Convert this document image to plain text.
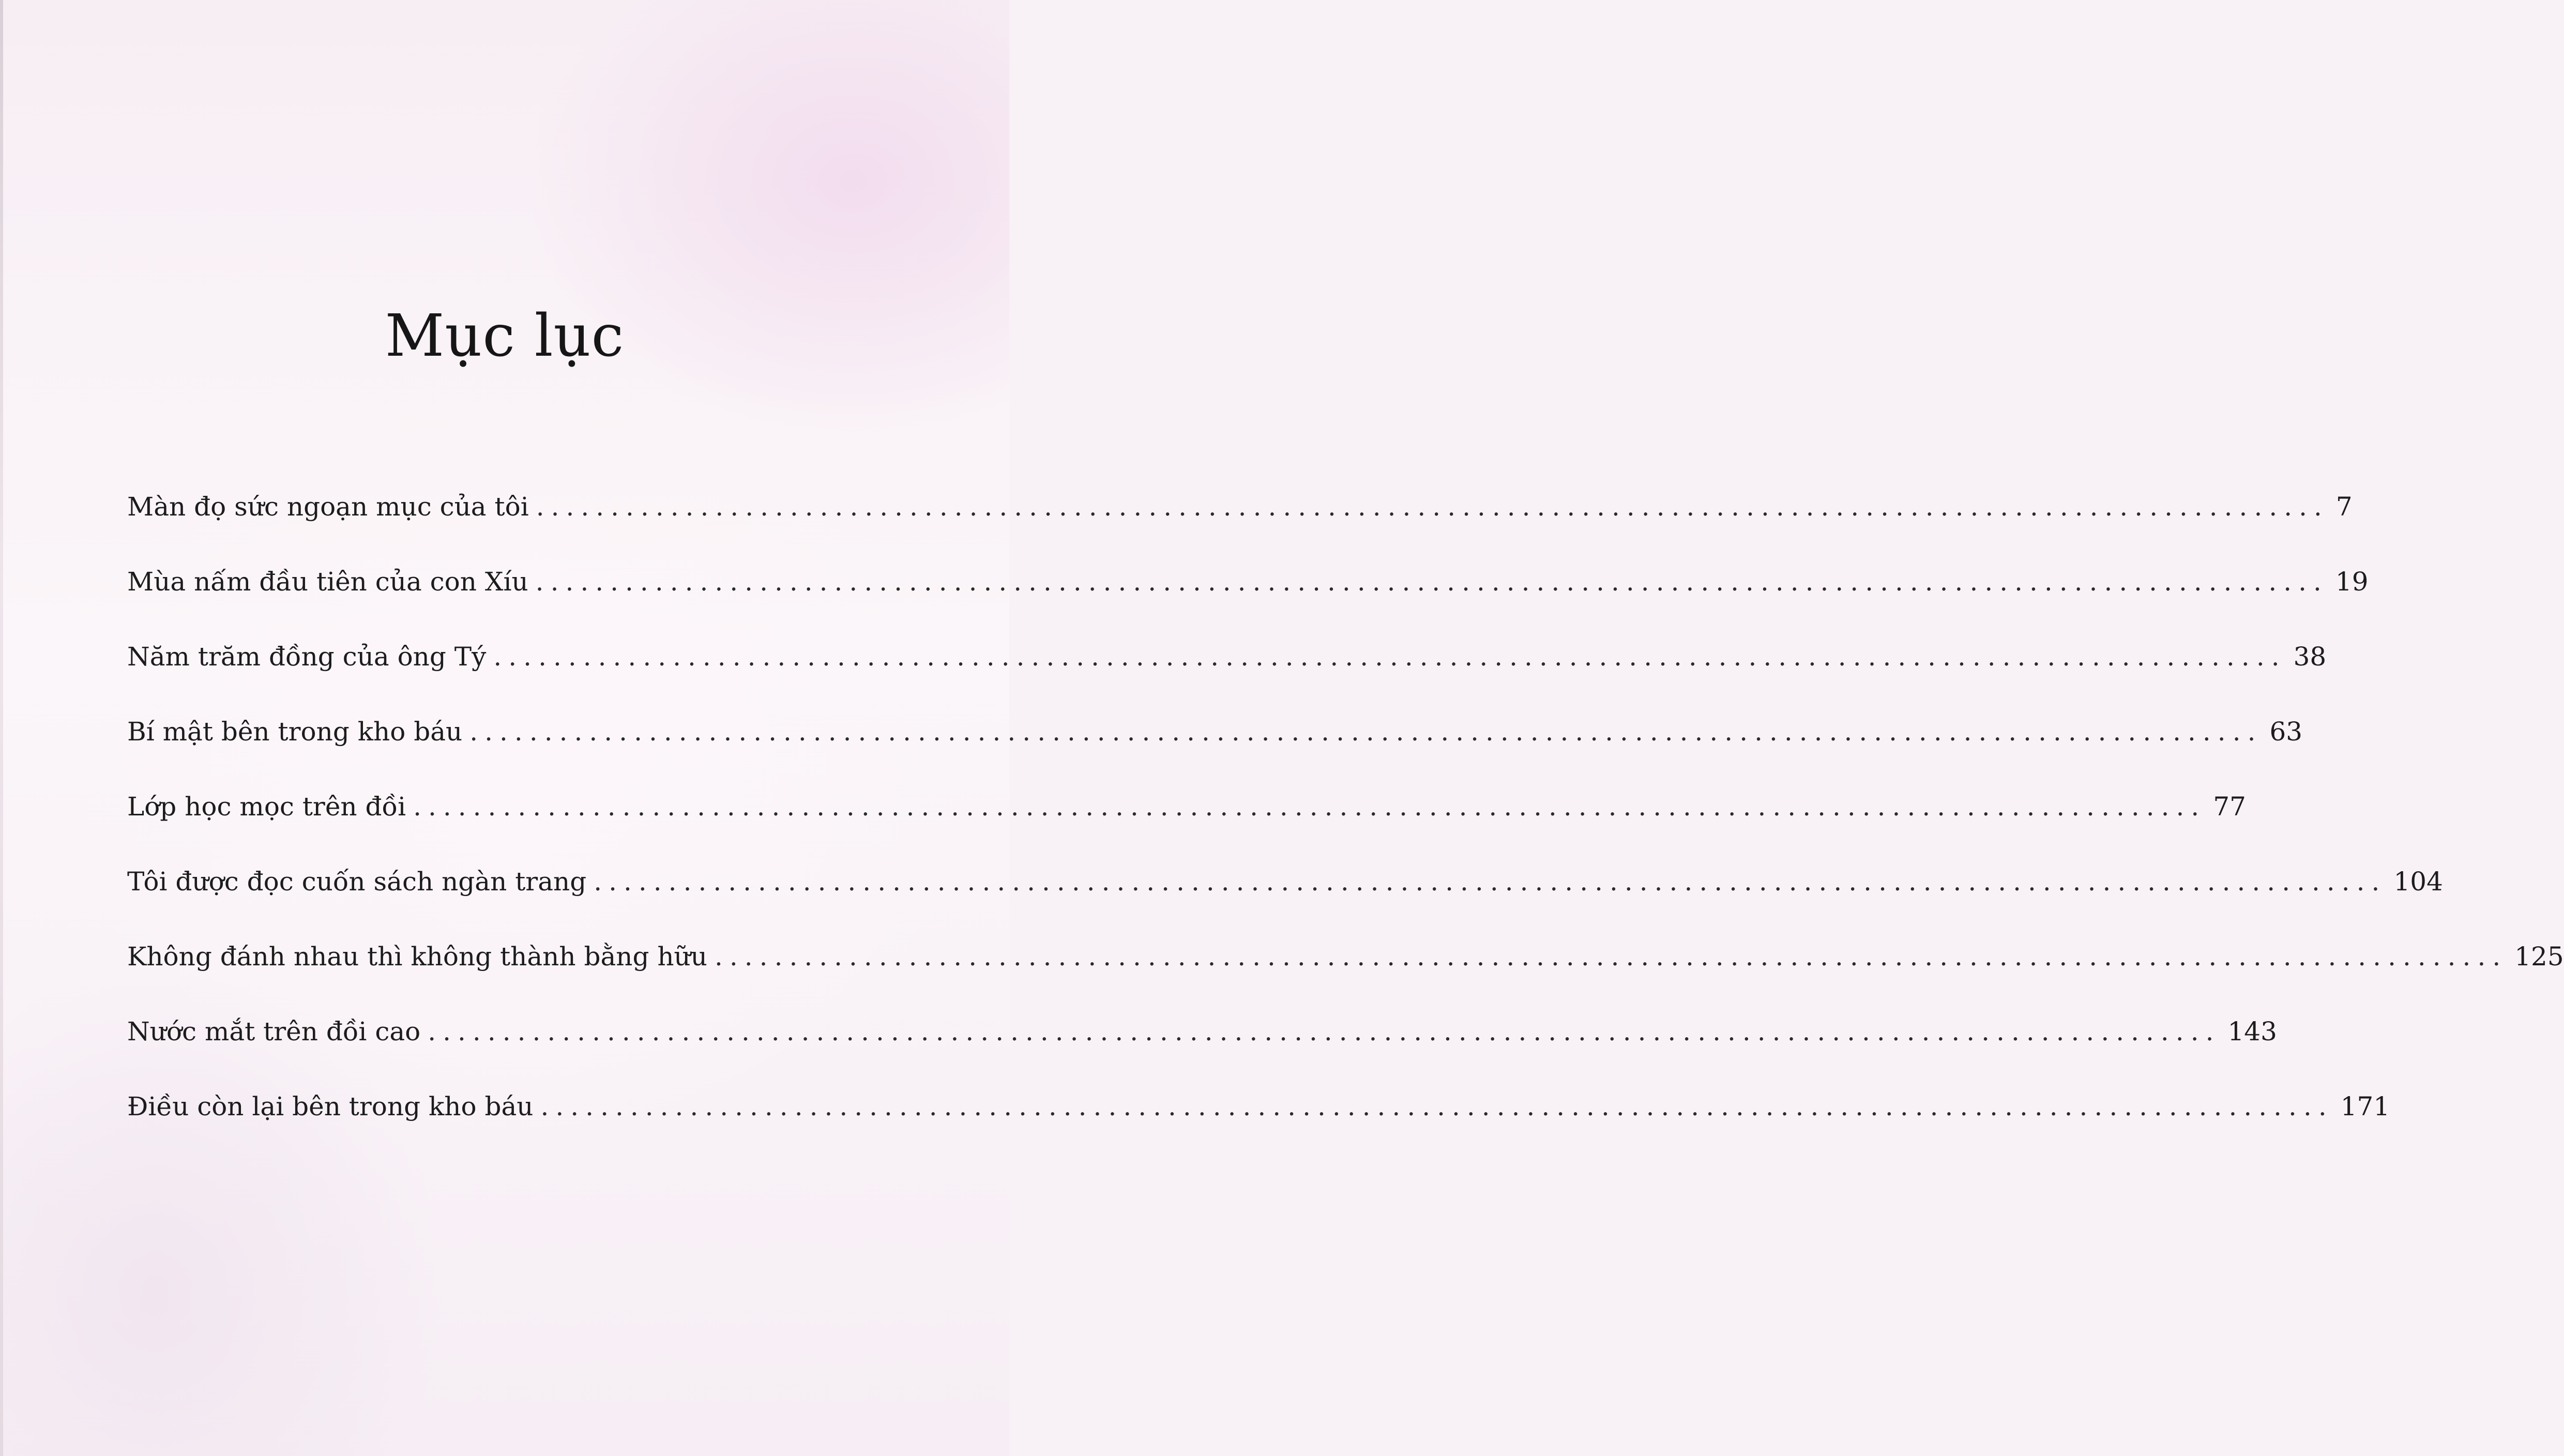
Mục lục
Màn đọ sức ngoạn mục của tôi ........................................................................................................................ 7
Mùa nấm đầu tiên của con Xíu ........................................................................................................................ 19
Năm trăm đồng của ông Tý ........................................................................................................................ 38
Bí mật bên trong kho báu ........................................................................................................................ 63
Lớp học mọc trên đồi ........................................................................................................................ 77
Tôi được đọc cuốn sách ngàn trang ........................................................................................................................ 104
Không đánh nhau thì không thành bằng hữu ........................................................................................................................ 125
Nước mắt trên đồi cao ........................................................................................................................ 143
Điều còn lại bên trong kho báu ........................................................................................................................ 171
